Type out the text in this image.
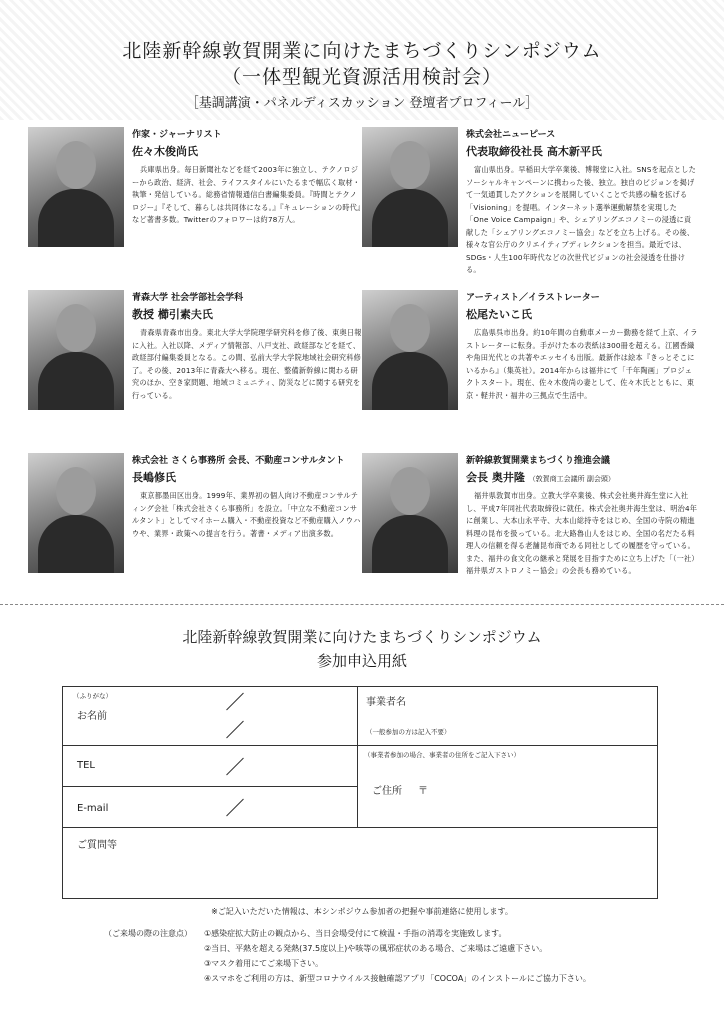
北陸新幹線敦賀開業に向けたまちづくりシンポジウム
（一体型観光資源活用検討会）
［基調講演・パネルディスカッション 登壇者プロフィール］
作家・ジャーナリスト
佐々木俊尚氏
兵庫県出身。毎日新聞社などを経て2003年に独立し、テクノロジーから政治、経済、社会、ライフスタイルにいたるまで幅広く取材・執筆・発信している。総務省情報通信白書編集委員。『時間とテクノロジー』『そして、暮らしは共同体になる。』『キュレーションの時代』など著書多数。Twitterのフォロワーは約78万人。
株式会社ニューピース
代表取締役社長 高木新平氏
富山県出身。早稲田大学卒業後、博報堂に入社。SNSを起点としたソーシャルキャンペーンに携わった後、独立。独自のビジョンを掲げて一気通貫したアクションを展開していくことで共感の輪を拡げる「Visioning」を提唱。インターネット選挙運動解禁を実現した「One Voice Campaign」や、シェアリングエコノミーの浸透に貢献した「シェアリングエコノミー協会」などを立ち上げる。その後、様々な官公庁のクリエイティブディレクションを担当。最近では、SDGs・人生100年時代などの次世代ビジョンの社会浸透を仕掛ける。
青森大学 社会学部社会学科
教授 櫛引素夫氏
青森県青森市出身。東北大学大学院理学研究科を修了後、東奥日報に入社。入社以降、メディア情報部、八戸支社、政経部などを経て、政経部付編集委員となる。この間、弘前大学大学院地域社会研究科修了。その後、2013年に青森大へ移る。現在、整備新幹線に関わる研究のほか、空き家問題、地域コミュニティ、防災などに関する研究を行っている。
アーティスト／イラストレーター
松尾たいこ氏
広島県呉市出身。約10年間の自動車メーカー勤務を経て上京、イラストレーターに転身。手がけた本の表紙は300冊を超える。江國香織や角田光代との共著やエッセイも出版。最新作は絵本『きっとそこにいるから』（集英社）。2014年からは福井にて「千年陶画」プロジェクトスタート。現在、佐々木俊尚の妻として、佐々木氏とともに、東京・軽井沢・福井の三拠点で生活中。
株式会社 さくら事務所 会長、不動産コンサルタント
長嶋修氏
東京都墨田区出身。1999年、業界初の個人向け不動産コンサルティング会社「株式会社さくら事務所」を設立。「中立な不動産コンサルタント」としてマイホーム購入・不動産投資など不動産購入ノウハウや、業界・政策への提言を行う。著書・メディア出演多数。
新幹線敦賀開業まちづくり推進会議
会長 奥井隆 （敦賀商工会議所 副会頭）
福井県敦賀市出身。立教大学卒業後、株式会社奥井海生堂に入社し、平成7年同社代表取締役に就任。株式会社奥井海生堂は、明治4年に創業し、大本山永平寺、大本山総持寺をはじめ、全国の寺院の精進料理の昆布を扱っている。北大路魯山人をはじめ、全国の名だたる料理人の信頼を得る老舗昆布商である同社としての履歴を守っている。また、福井の食文化の継承と発展を目指すために立ち上げた「（一社）福井県ガストロノミー協会」の会長も務めている。
北陸新幹線敦賀開業に向けたまちづくりシンポジウム
参加申込用紙
（ふりがな）
お名前	事業者名
（一般参加の方は記入不要）

TEL	（事業者参加の場合、事業者の住所をご記入下さい）
ご住所 〒

E-mail	

ご質問等	
※ご記入いただいた情報は、本シンポジウム参加者の把握や事前連絡に使用します。
（ご来場の際の注意点）	①感染症拡大防止の観点から、当日会場受付にて検温・手指の消毒を実施致します。
②当日、平熱を超える発熱(37.5度以上)や咳等の風邪症状のある場合、ご来場はご遠慮下さい。
③マスク着用にてご来場下さい。
④スマホをご利用の方は、新型コロナウイルス接触確認アプリ「COCOA」のインストールにご協力下さい。
